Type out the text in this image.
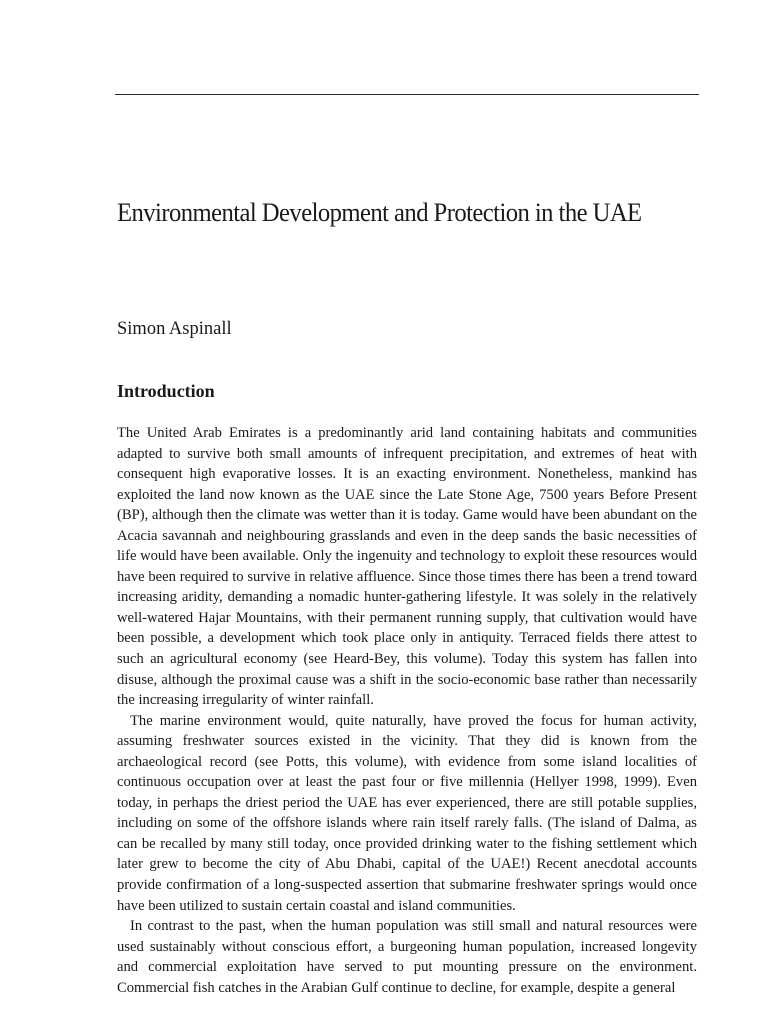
Environmental Development and Protection in the UAE
Simon Aspinall
Introduction

The United Arab Emirates is a predominantly arid land containing habitats and communities adapted to survive both small amounts of infrequent precipitation, and extremes of heat with consequent high evaporative losses. It is an exacting environment. Nonetheless, mankind has exploited the land now known as the UAE since the Late Stone Age, 7500 years Before Present (BP), although then the climate was wetter than it is today. Game would have been abundant on the Acacia savannah and neighbouring grasslands and even in the deep sands the basic necessities of life would have been available. Only the ingenuity and technology to exploit these resources would have been required to survive in relative affluence. Since those times there has been a trend toward increasing aridity, demanding a nomadic hunter-gathering lifestyle. It was solely in the relatively well-watered Hajar Mountains, with their permanent running supply, that cultivation would have been possible, a development which took place only in antiquity. Terraced fields there attest to such an agricultural economy (see Heard-Bey, this volume). Today this system has fallen into disuse, although the proximal cause was a shift in the socio-economic base rather than necessarily the increasing irregularity of winter rainfall.

The marine environment would, quite naturally, have proved the focus for human activity, assuming freshwater sources existed in the vicinity. That they did is known from the archaeological record (see Potts, this volume), with evidence from some island localities of continuous occupation over at least the past four or five millennia (Hellyer 1998, 1999). Even today, in perhaps the driest period the UAE has ever experienced, there are still potable supplies, including on some of the offshore islands where rain itself rarely falls. (The island of Dalma, as can be recalled by many still today, once provided drinking water to the fishing settlement which later grew to become the city of Abu Dhabi, capital of the UAE!) Recent anecdotal accounts provide confirmation of a long-suspected assertion that submarine freshwater springs would once have been utilized to sustain certain coastal and island communities.

In contrast to the past, when the human population was still small and natural resources were used sustainably without conscious effort, a burgeoning human population, increased longevity and commercial exploitation have served to put mounting pressure on the environment. Commercial fish catches in the Arabian Gulf continue to decline, for example, despite a general
